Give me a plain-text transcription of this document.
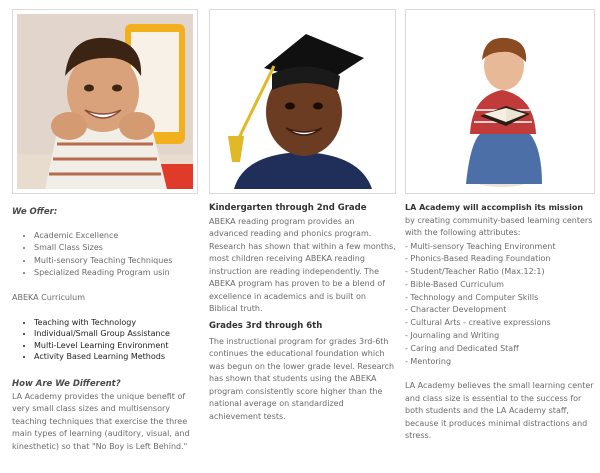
We Offer:
• Academic Excellence
• Small Class Sizes
• Multi-sensory Teaching Techniques
• Specialized Reading Program usin
ABEKA Curriculum
• Teaching with Technology
• Individual/Small Group Assistance
• Multi-Level Learning Environment
• Activity Based Learning Methods
How Are We Different?

LA Academy provides the unique benefit of very small class sizes and multisensory teaching techniques that exercise the three main types of learning (auditory, visual, and kinesthetic) so that "No Boy is Left Behind."

Kindergarten through 2nd Grade

ABEKA reading program provides an advanced reading and phonics program. Research has shown that within a few months, most children receiving ABEKA reading instruction are reading independently. The ABEKA program has proven to be a blend of excellence in academics and is built on Biblical truth.

Grades 3rd through 6th

The instructional program for grades 3rd-6th continues the educational foundation which was begun on the lower grade level. Research has shown that students using the ABEKA program consistently score higher than the national average on standardized achievement tests.

LA Academy will accomplish its mission by creating community-based learning centers with the following attributes:

- Multi-sensory Teaching Environment
- Phonics-Based Reading Foundation
- Student/Teacher Ratio (Max.12:1)
- Bible-Based Curriculum
- Technology and Computer Skills
- Character Development
- Cultural Arts - creative expressions
- Journaling and Writing
- Caring and Dedicated Staff
- Mentoring

LA Academy believes the small learning center and class size is essential to the success for both students and the LA Academy staff, because it produces minimal distractions and stress.
